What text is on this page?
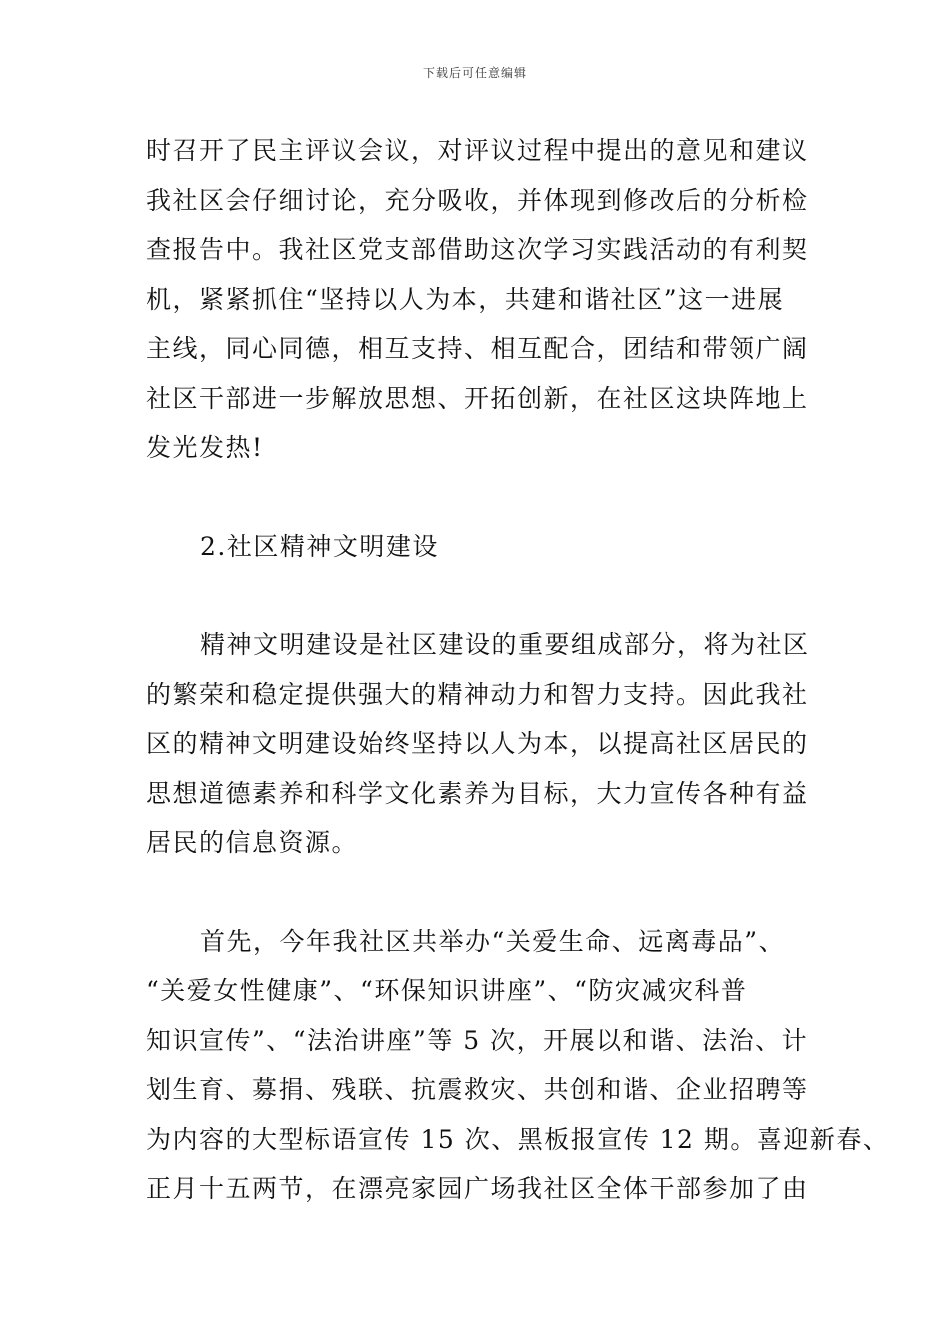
下载后可任意编辑
时召开了民主评议会议，对评议过程中提出的意见和建议
我社区会仔细讨论，充分吸收，并体现到修改后的分析检
查报告中。我社区党支部借助这次学习实践活动的有利契
机，紧紧抓住“坚持以人为本，共建和谐社区”这一进展
主线，同心同德，相互支持、相互配合，团结和带领广阔
社区干部进一步解放思想、开拓创新，在社区这块阵地上
发光发热!
2.社区精神文明建设
精神文明建设是社区建设的重要组成部分，将为社区
的繁荣和稳定提供强大的精神动力和智力支持。因此我社
区的精神文明建设始终坚持以人为本，以提高社区居民的
思想道德素养和科学文化素养为目标，大力宣传各种有益
居民的信息资源。
首先，今年我社区共举办“关爱生命、远离毒品”、
“关爱女性健康”、“环保知识讲座”、“防灾减灾科普
知识宣传”、“法治讲座”等 5 次，开展以和谐、法治、计
划生育、募捐、残联、抗震救灾、共创和谐、企业招聘等
为内容的大型标语宣传 15 次、黑板报宣传 12 期。喜迎新春、
正月十五两节，在漂亮家园广场我社区全体干部参加了由
